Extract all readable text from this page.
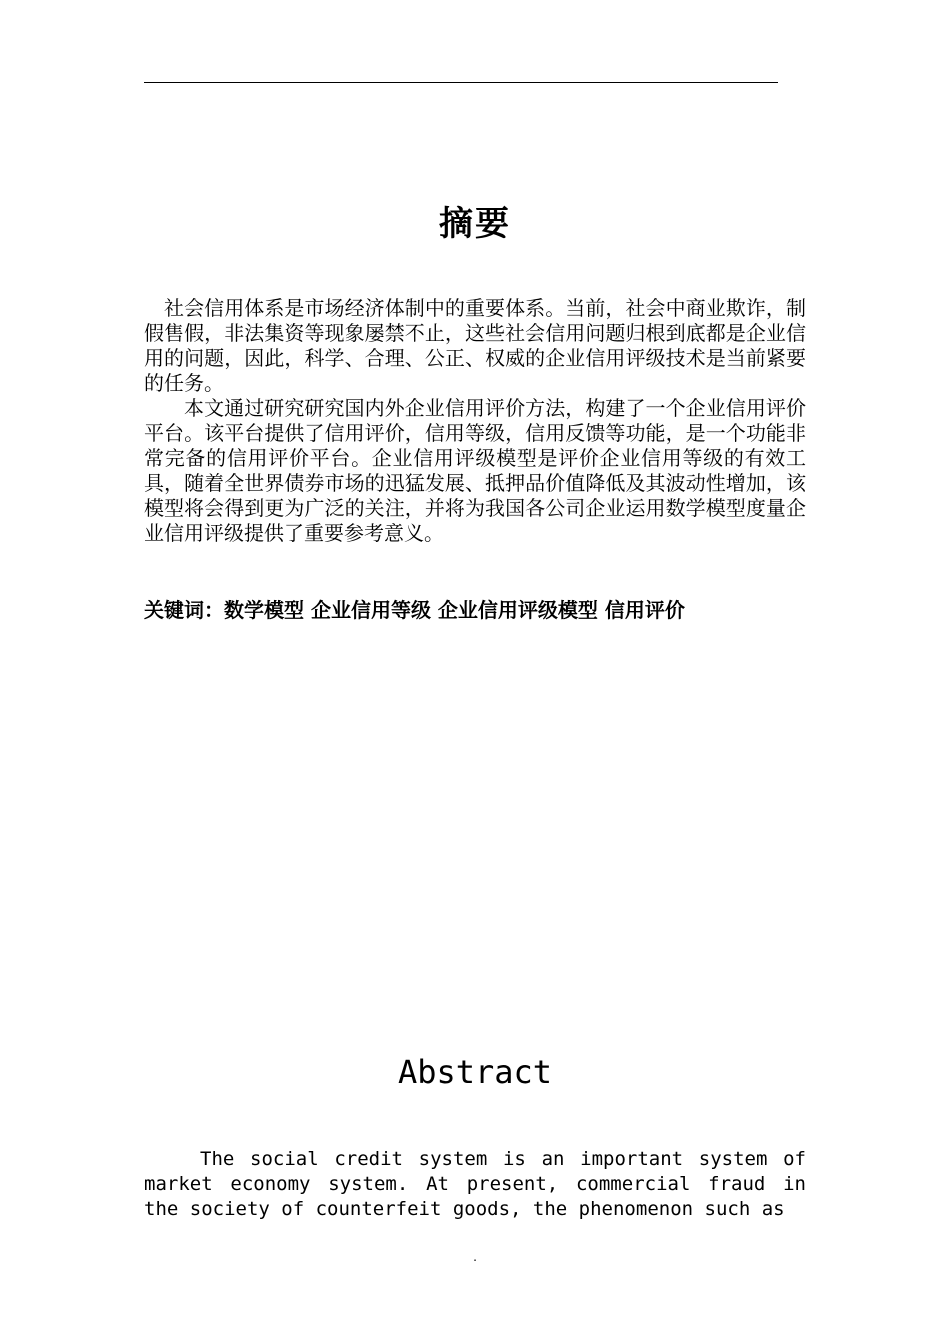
摘要

社会信用体系是市场经济体制中的重要体系。当前，社会中商业欺诈，制假售假，非法集资等现象屡禁不止，这些社会信用问题归根到底都是企业信用的问题，因此，科学、合理、公正、权威的企业信用评级技术是当前紧要的任务。

本文通过研究研究国内外企业信用评价方法，构建了一个企业信用评价平台。该平台提供了信用评价，信用等级，信用反馈等功能，是一个功能非常完备的信用评价平台。企业信用评级模型是评价企业信用等级的有效工具，随着全世界债券市场的迅猛发展、抵押品价值降低及其波动性增加，该模型将会得到更为广泛的关注，并将为我国各公司企业运用数学模型度量企业信用评级提供了重要参考意义。

关键词：数学模型 企业信用等级 企业信用评级模型 信用评价
Abstract

The social credit system is an important system of market economy system. At present, commercial fraud in the society of counterfeit goods, the phenomenon such as

.
